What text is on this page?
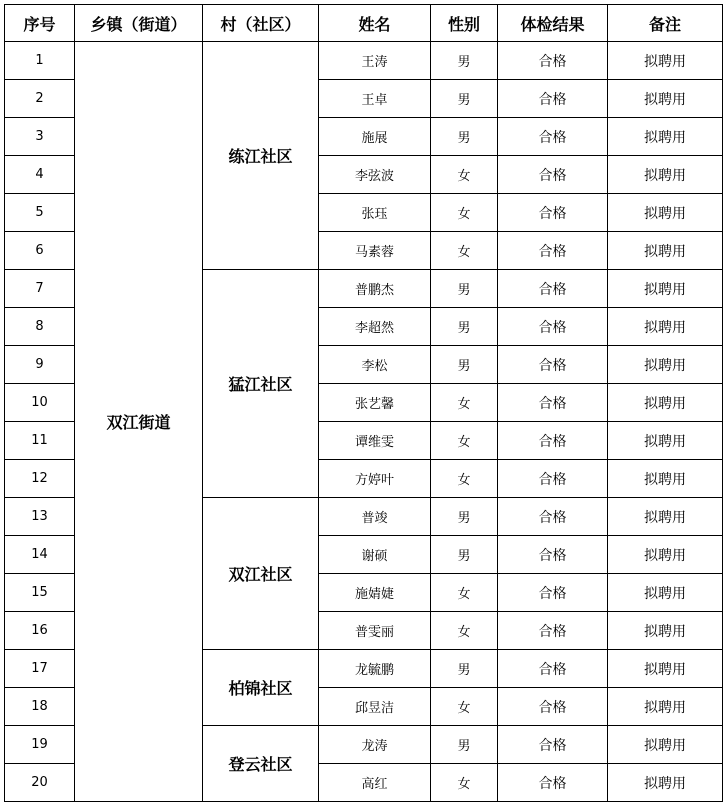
序号	乡镇（街道）	村（社区）	姓名	性别	体检结果	备注
1	双江街道	练江社区	王涛	男	合格	拟聘用
2			王卓	男	合格	拟聘用
3			施展	男	合格	拟聘用
4			李弦波	女	合格	拟聘用
5			张珏	女	合格	拟聘用
6			马素蓉	女	合格	拟聘用
7		猛江社区	普鹏杰	男	合格	拟聘用
8			李超然	男	合格	拟聘用
9			李松	男	合格	拟聘用
10			张艺馨	女	合格	拟聘用
11			谭维雯	女	合格	拟聘用
12			方婷叶	女	合格	拟聘用
13		双江社区	普竣	男	合格	拟聘用
14			谢硕	男	合格	拟聘用
15			施婧婕	女	合格	拟聘用
16			普雯丽	女	合格	拟聘用
17		柏锦社区	龙毓鹏	男	合格	拟聘用
18			邱昱洁	女	合格	拟聘用
19		登云社区	龙涛	男	合格	拟聘用
20			高红	女	合格	拟聘用
